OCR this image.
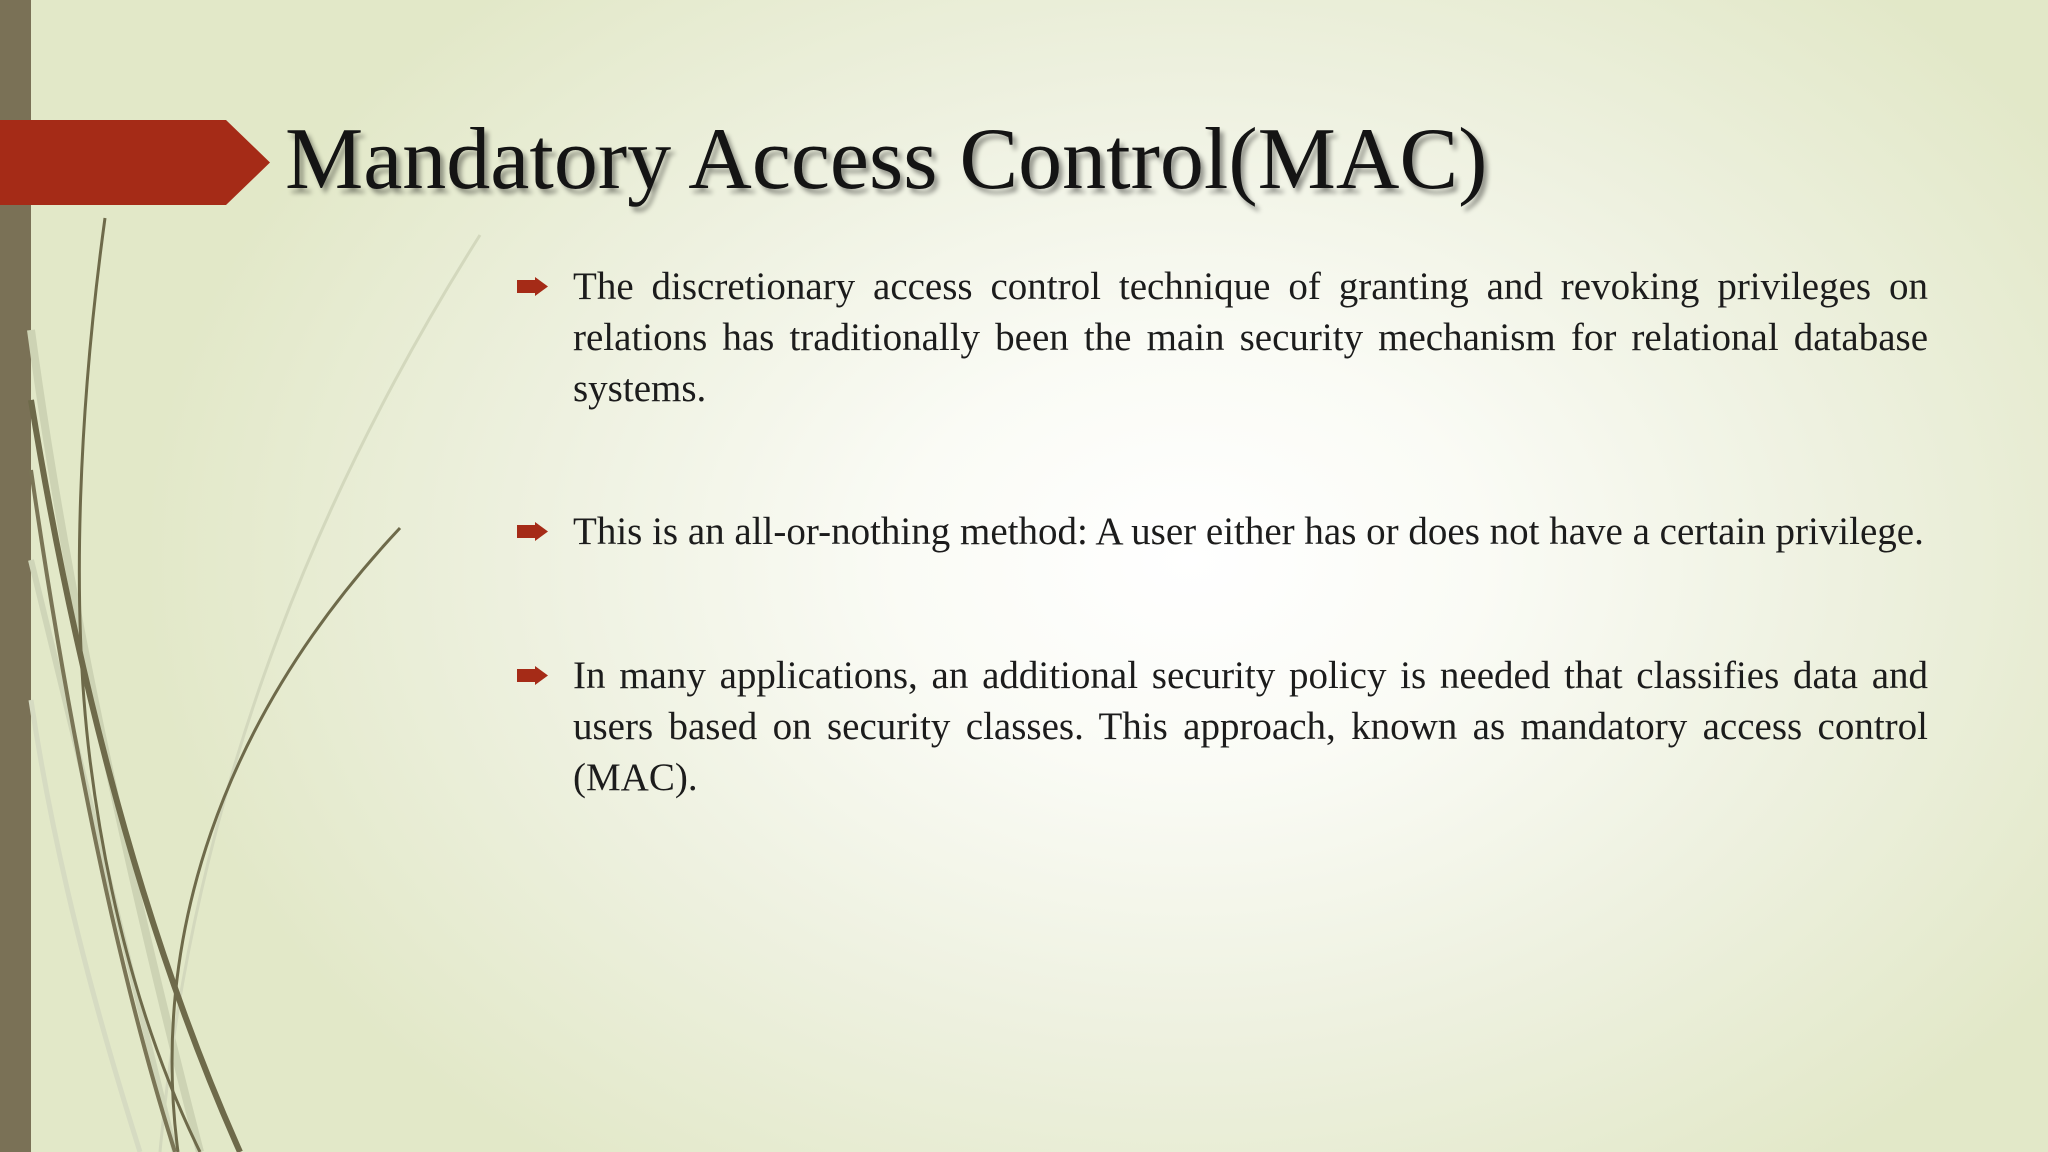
Mandatory Access Control(MAC)
The discretionary access control technique of granting and revoking privileges on relations has traditionally been the main security mechanism for relational database systems.
This is an all-or-nothing method: A user either has or does not have a certain privilege.
In many applications, an additional security policy is needed that classifies data and users based on security classes. This approach, known as mandatory access control (MAC).
